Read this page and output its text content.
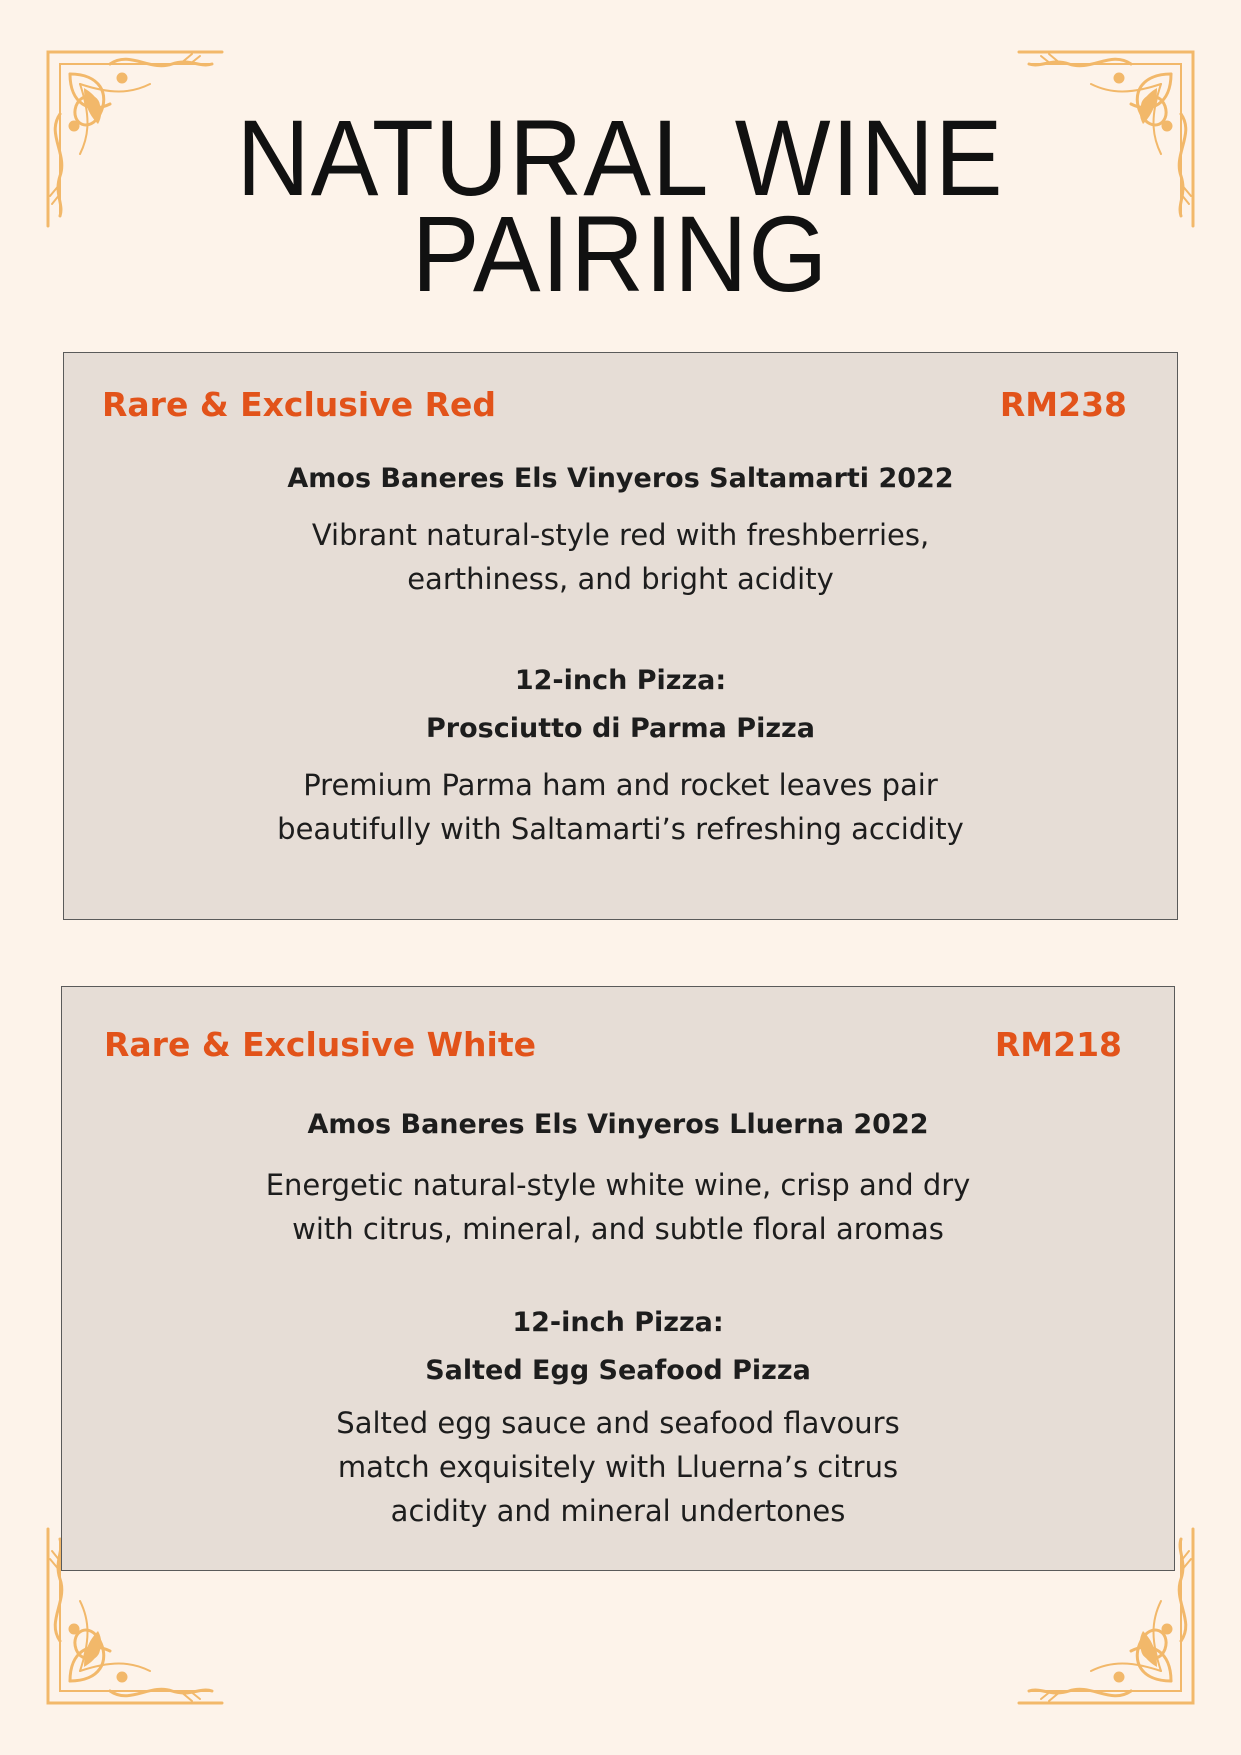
NATURAL WINE
PAIRING
Rare & Exclusive Red	RM238

Amos Baneres Els Vinyeros Saltamarti 2022

Vibrant natural-style red with freshberries,
earthiness, and bright acidity

12-inch Pizza:

Prosciutto di Parma Pizza

Premium Parma ham and rocket leaves pair
beautifully with Saltamarti’s refreshing accidity

Rare & Exclusive White	RM218

Amos Baneres Els Vinyeros Lluerna 2022

Energetic natural-style white wine, crisp and dry
with citrus, mineral, and subtle floral aromas

12-inch Pizza:

Salted Egg Seafood Pizza

Salted egg sauce and seafood flavours
match exquisitely with Lluerna’s citrus
acidity and mineral undertones
